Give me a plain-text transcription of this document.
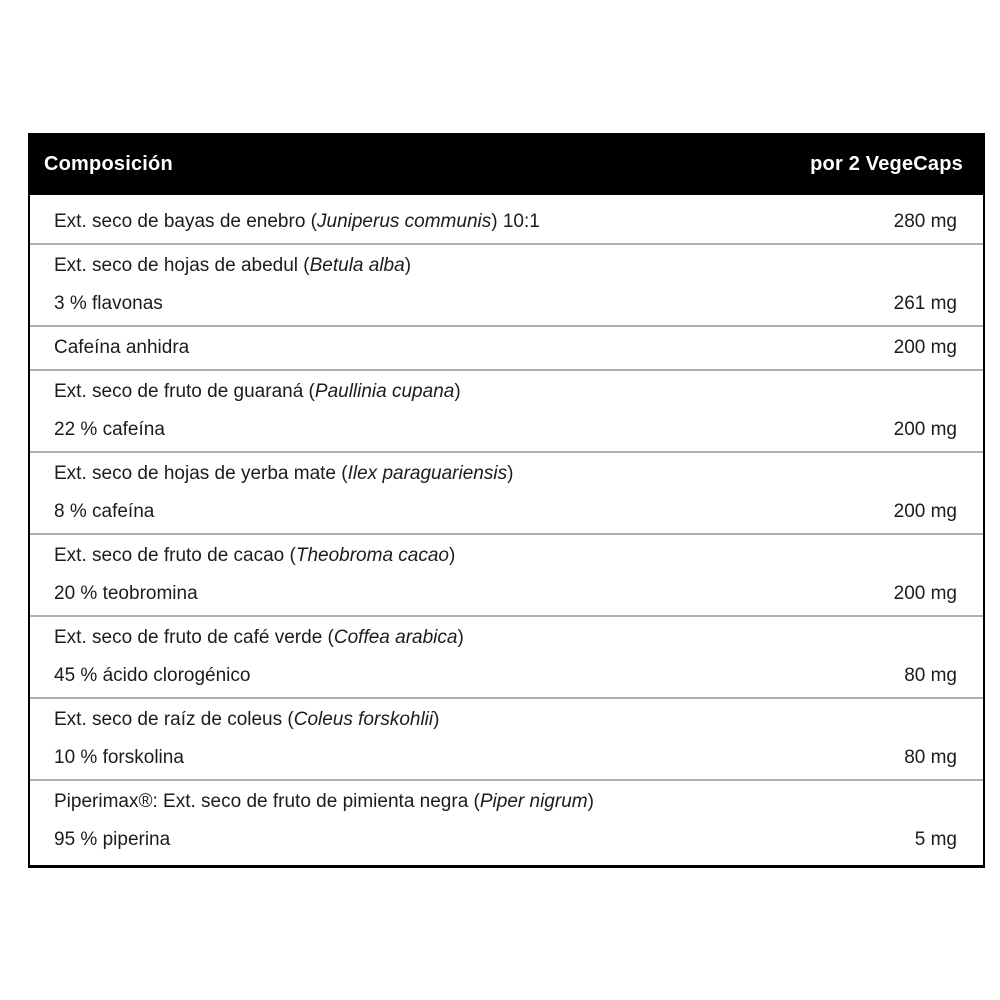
Composición	por 2 VegeCaps
Ext. seco de bayas de enebro (Juniperus communis) 10:1	280 mg
Ext. seco de hojas de abedul (Betula alba)
3 % flavonas	261 mg
Cafeína anhidra	200 mg
Ext. seco de fruto de guaraná (Paullinia cupana)
22 % cafeína	200 mg
Ext. seco de hojas de yerba mate (Ilex paraguariensis)
8 % cafeína	200 mg
Ext. seco de fruto de cacao (Theobroma cacao)
20 % teobromina	200 mg
Ext. seco de fruto de café verde (Coffea arabica)
45 % ácido clorogénico	80 mg
Ext. seco de raíz de coleus (Coleus forskohlii)
10 % forskolina	80 mg
Piperimax®: Ext. seco de fruto de pimienta negra (Piper nigrum)
95 % piperina	5 mg
